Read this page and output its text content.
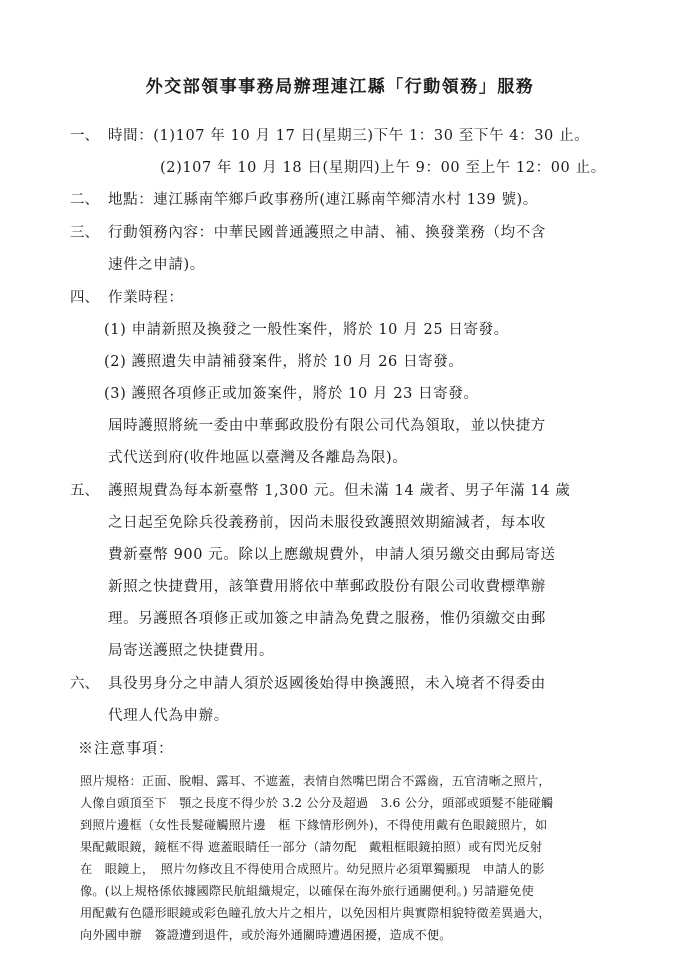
外交部領事事務局辦理連江縣「行動領務」服務
一、 時間：(1)107 年 10 月 17 日(星期三)下午 1：30 至下午 4：30 止。
(2)107 年 10 月 18 日(星期四)上午 9：00 至上午 12：00 止。
二、 地點：連江縣南竿鄉戶政事務所(連江縣南竿鄉清水村 139 號)。
三、 行動領務內容：中華民國普通護照之申請、補、換發業務（均不含
速件之申請)。
四、 作業時程：
(1) 申請新照及換發之一般性案件，將於 10 月 25 日寄發。
(2) 護照遺失申請補發案件，將於 10 月 26 日寄發。
(3) 護照各項修正或加簽案件，將於 10 月 23 日寄發。
屆時護照將統一委由中華郵政股份有限公司代為領取，並以快捷方
式代送到府(收件地區以臺灣及各離島為限)。
五、 護照規費為每本新臺幣 1,300 元。但未滿 14 歲者、男子年滿 14 歲
之日起至免除兵役義務前，因尚未服役致護照效期縮減者，每本收
費新臺幣 900 元。除以上應繳規費外，申請人須另繳交由郵局寄送
新照之快捷費用，該筆費用將依中華郵政股份有限公司收費標準辦
理。另護照各項修正或加簽之申請為免費之服務，惟仍須繳交由郵
局寄送護照之快捷費用。
六、 具役男身分之申請人須於返國後始得申換護照，未入境者不得委由
代理人代為申辦。
※注意事項：
照片規格：正面、脫帽、露耳、不遮蓋，表情自然嘴巴閉合不露齒，五官清晰之照片，
人像自頭頂至下　顎之長度不得少於 3.2 公分及超過　3.6 公分，頭部或頭髮不能碰觸
到照片邊框（女性長髮碰觸照片邊　框 下緣情形例外)，不得使用戴有色眼鏡照片，如
果配戴眼鏡，鏡框不得 遮蓋眼睛任一部分（請勿配　戴粗框眼鏡拍照）或有閃光反射
在　眼鏡上，　照片勿修改且不得使用合成照片。幼兒照片必須單獨顯現　申請人的影
像。(以上規格係依據國際民航組織規定，以確保在海外旅行通關便利。) 另請避免使
用配戴有色隱形眼鏡或彩色瞳孔放大片之相片，以免因相片與實際相貌特徵差異過大，
向外國申辦　簽證遭到退件，或於海外通關時遭遇困擾，造成不便。
